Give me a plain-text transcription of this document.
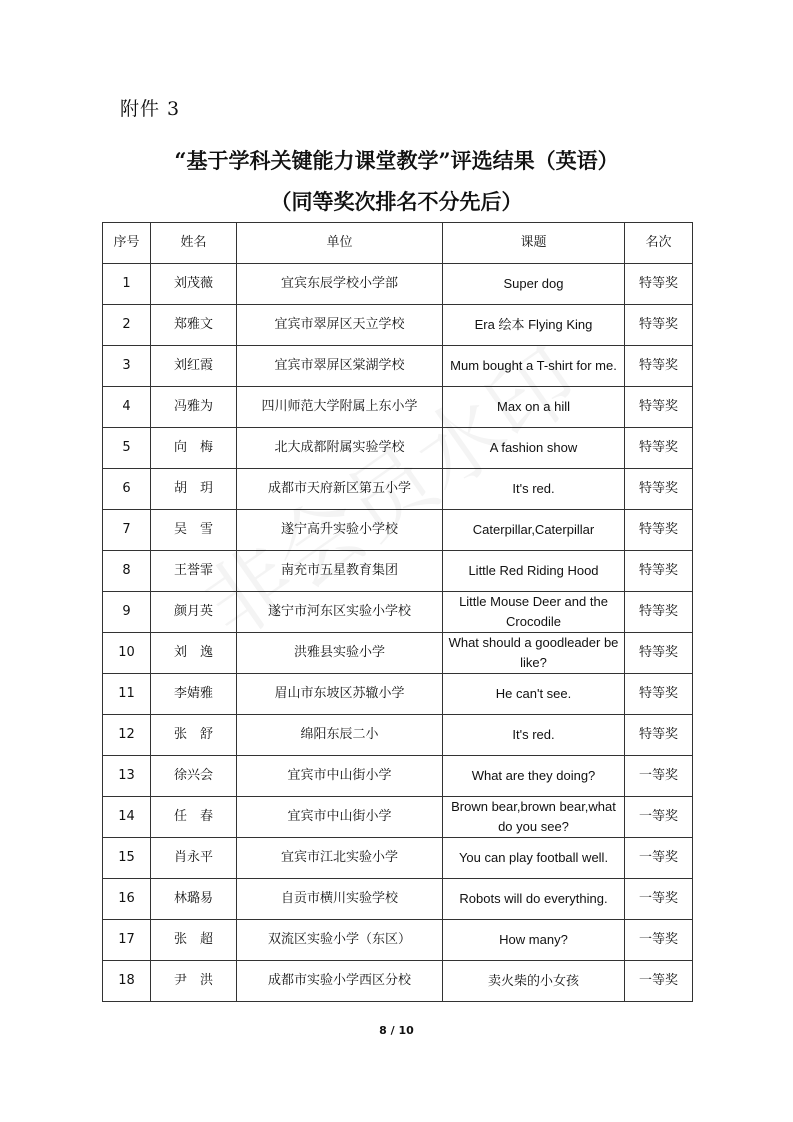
附件 3
“基于学科关键能力课堂教学”评选结果（英语）
（同等奖次排名不分先后）
序号	姓名	单位	课题	名次
1	刘茂薇	宜宾东辰学校小学部	Super dog	特等奖
2	郑雅文	宜宾市翠屏区天立学校	Era 绘本 Flying King	特等奖
3	刘红霞	宜宾市翠屏区棠湖学校	Mum bought a T-shirt for me.	特等奖
4	冯雅为	四川师范大学附属上东小学	Max on a hill	特等奖
5	向　梅	北大成都附属实验学校	A fashion show	特等奖
6	胡　玥	成都市天府新区第五小学	It's red.	特等奖
7	吴　雪	遂宁高升实验小学校	Caterpillar,Caterpillar	特等奖
8	王誉霏	南充市五星教育集团	Little Red Riding Hood	特等奖
9	颜月英	遂宁市河东区实验小学校	Little Mouse Deer and the Crocodile	特等奖
10	刘　逸	洪雅县实验小学	What should a goodleader be like?	特等奖
11	李婧雅	眉山市东坡区苏辙小学	He can't see.	特等奖
12	张　舒	绵阳东辰二小	It's red.	特等奖
13	徐兴会	宜宾市中山街小学	What are they doing?	一等奖
14	任　春	宜宾市中山街小学	Brown bear,brown bear,what do you see?	一等奖
15	肖永平	宜宾市江北实验小学	You can play football well.	一等奖
16	林璐易	自贡市横川实验学校	Robots will do everything.	一等奖
17	张　超	双流区实验小学（东区）	How many?	一等奖
18	尹　洪	成都市实验小学西区分校	卖火柴的小女孩	一等奖
8 / 10
